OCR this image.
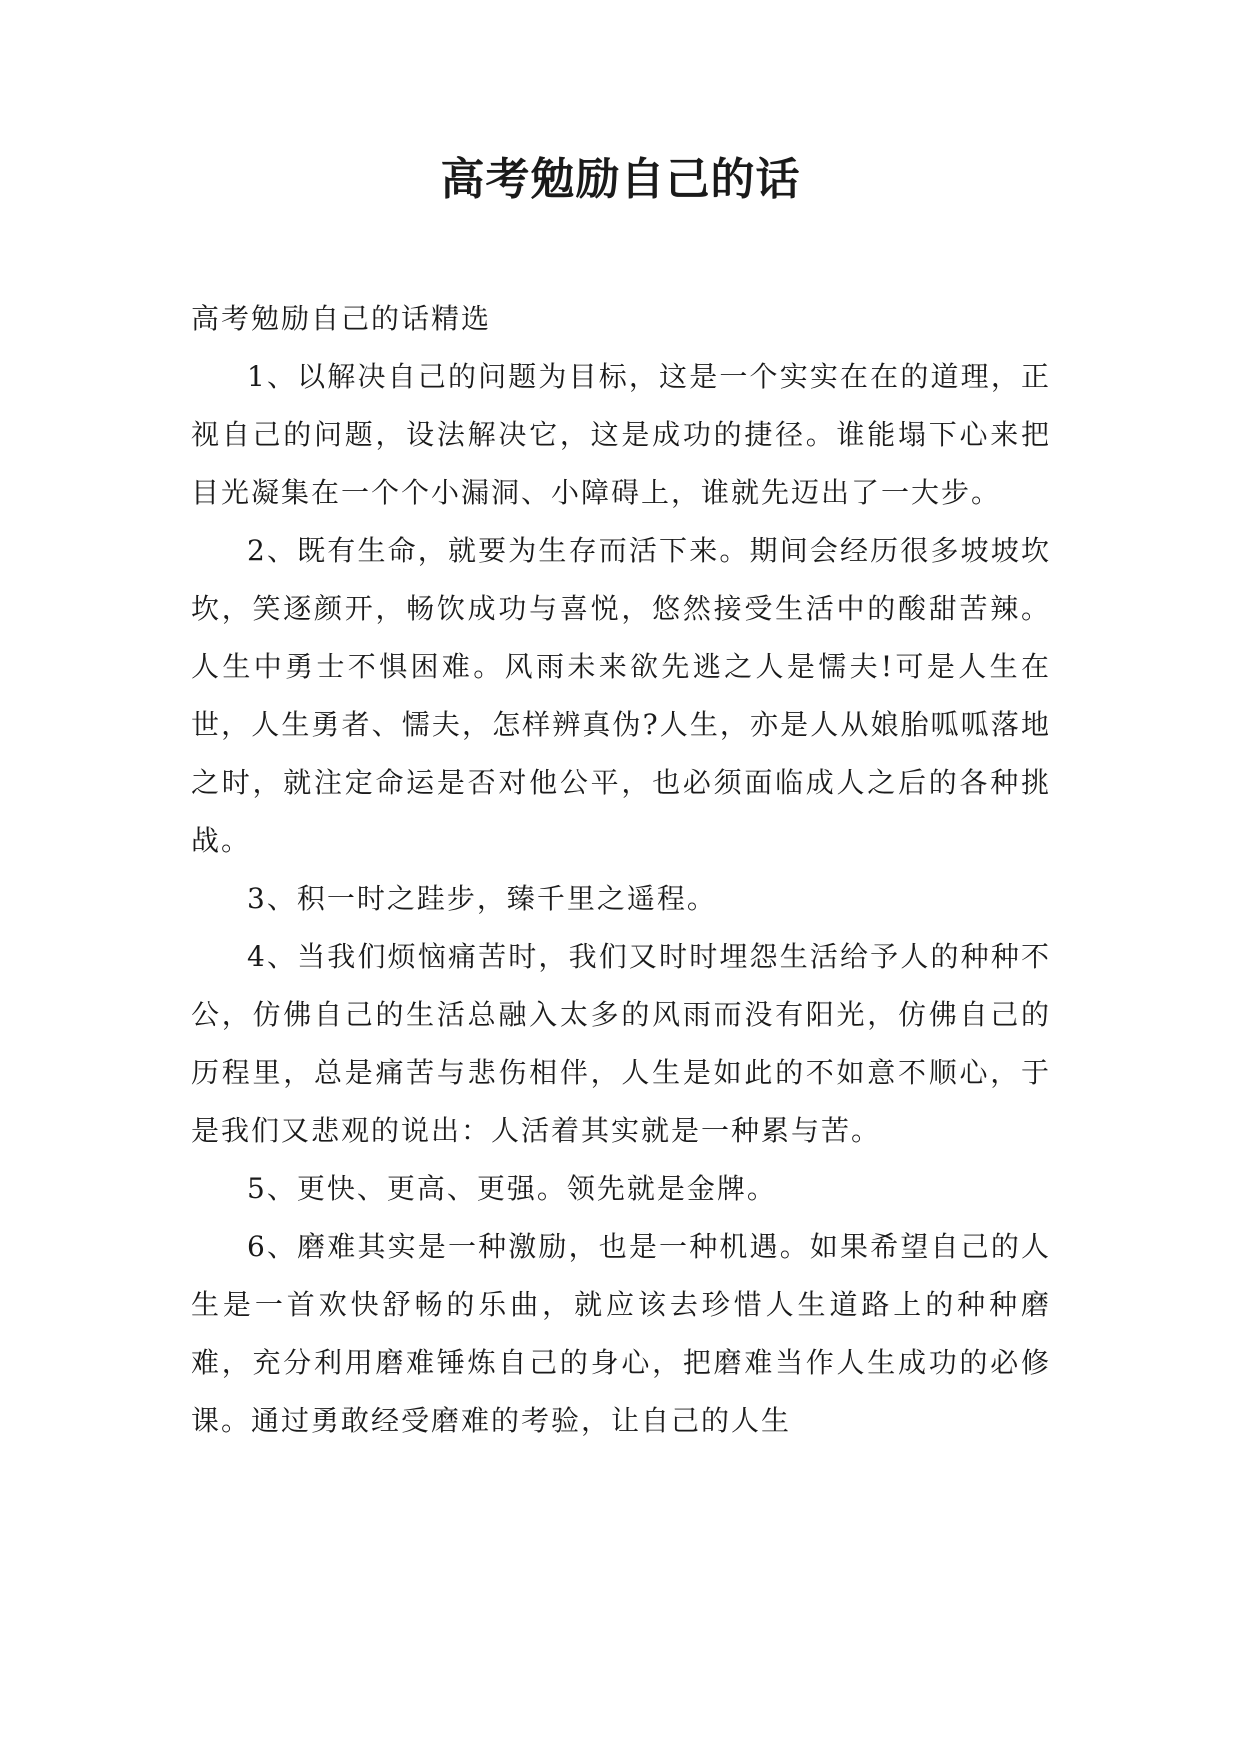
高考勉励自己的话

高考勉励自己的话精选

1、以解决自己的问题为目标，这是一个实实在在的道理，正视自己的问题，设法解决它，这是成功的捷径。谁能塌下心来把目光凝集在一个个小漏洞、小障碍上，谁就先迈出了一大步。

2、既有生命，就要为生存而活下来。期间会经历很多坡坡坎坎，笑逐颜开，畅饮成功与喜悦，悠然接受生活中的酸甜苦辣。人生中勇士不惧困难。风雨未来欲先逃之人是懦夫!可是人生在世，人生勇者、懦夫，怎样辨真伪?人生，亦是人从娘胎呱呱落地之时，就注定命运是否对他公平，也必须面临成人之后的各种挑战。

3、积一时之跬步，臻千里之遥程。

4、当我们烦恼痛苦时，我们又时时埋怨生活给予人的种种不公，仿佛自己的生活总融入太多的风雨而没有阳光，仿佛自己的历程里，总是痛苦与悲伤相伴，人生是如此的不如意不顺心，于是我们又悲观的说出：人活着其实就是一种累与苦。

5、更快、更高、更强。领先就是金牌。

6、磨难其实是一种激励，也是一种机遇。如果希望自己的人生是一首欢快舒畅的乐曲，就应该去珍惜人生道路上的种种磨难，充分利用磨难锤炼自己的身心，把磨难当作人生成功的必修课。通过勇敢经受磨难的考验，让自己的人生
